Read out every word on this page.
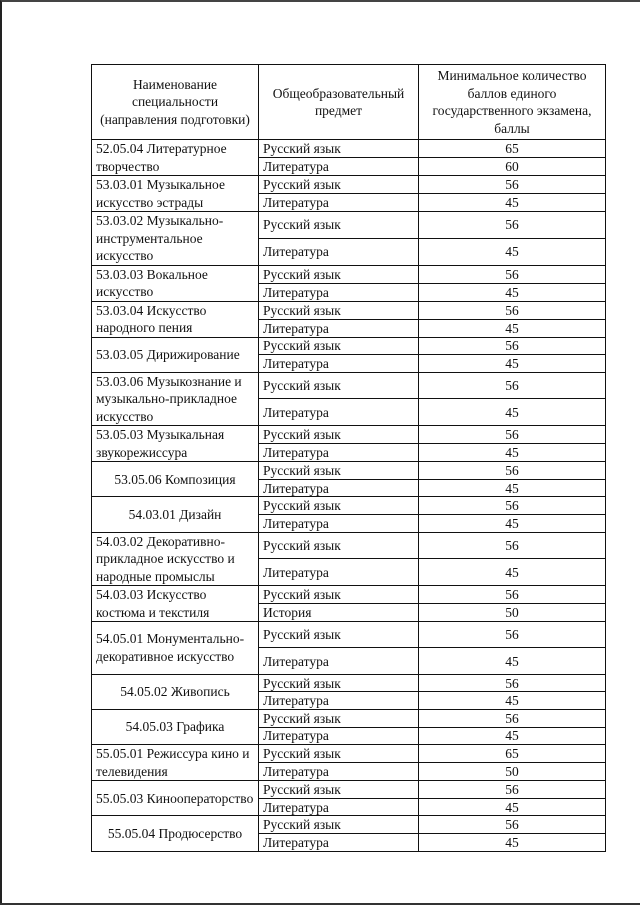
Наименование специальности (направления подготовки)	Общеобразовательный предмет	Минимальное количество баллов единого государственного экзамена, баллы
52.05.04 Литературное творчество	Русский язык	65
	Литература	60
53.03.01 Музыкальное искусство эстрады	Русский язык	56
	Литература	45
53.03.02 Музыкально-инструментальное искусство	Русский язык	56
	Литература	45
53.03.03 Вокальное искусство	Русский язык	56
	Литература	45
53.03.04 Искусство народного пения	Русский язык	56
	Литература	45
53.03.05 Дирижирование	Русский язык	56
	Литература	45
53.03.06 Музыкознание и музыкально-прикладное искусство	Русский язык	56
	Литература	45
53.05.03 Музыкальная звукорежиссура	Русский язык	56
	Литература	45
53.05.06 Композиция	Русский язык	56
	Литература	45
54.03.01 Дизайн	Русский язык	56
	Литература	45
54.03.02 Декоративно-прикладное искусство и народные промыслы	Русский язык	56
	Литература	45
54.03.03 Искусство костюма и текстиля	Русский язык	56
	История	50
54.05.01 Монументально-декоративное искусство	Русский язык	56
	Литература	45
54.05.02 Живопись	Русский язык	56
	Литература	45
54.05.03 Графика	Русский язык	56
	Литература	45
55.05.01 Режиссура кино и телевидения	Русский язык	65
	Литература	50
55.05.03 Кинооператорство	Русский язык	56
	Литература	45
55.05.04 Продюсерство	Русский язык	56
	Литература	45
